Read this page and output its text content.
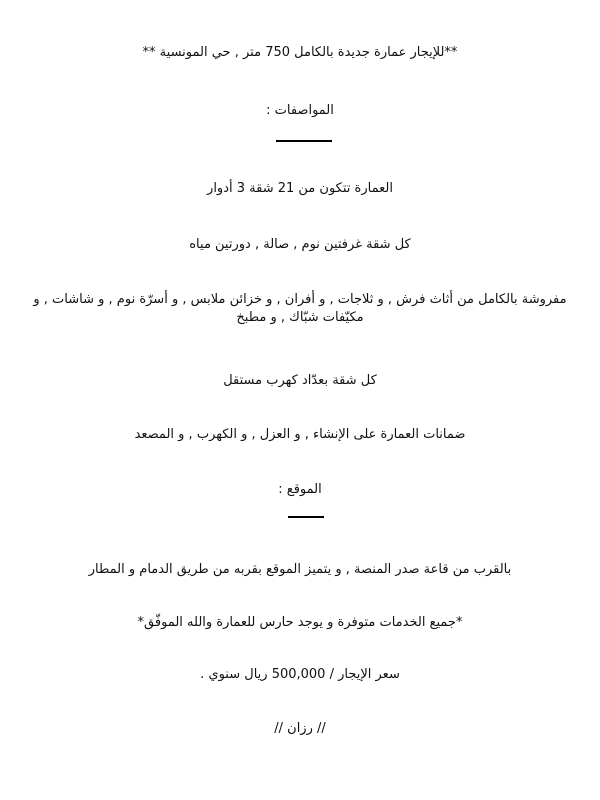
**للإيجار عمارة جديدة بالكامل 750 متر , حي المونسية **
المواصفات :
العمارة تتكون من 21 شقة 3 أدوار
كل شقة غرفتين نوم , صالة , دورتين مياه
مفروشة بالكامل من أثاث فرش , و ثلاجات , و أفران , و خزائن ملابس , و أسرّة نوم , و شاشات , و مكيّفات شبّاك , و مطبخ
كل شقة بعدّاد كهرب مستقل
ضمانات العمارة على الإنشاء , و العزل , و الكهرب , و المصعد
الموقع :
بالقرب من قاعة صدر المنصة , و يتميز الموقع بقربه من طريق الدمام و المطار
*جميع الخدمات متوفرة و يوجد حارس للعمارة والله الموفّق*
سعر الإيجار / 500,000 ريال سنوي .
// رزان //
